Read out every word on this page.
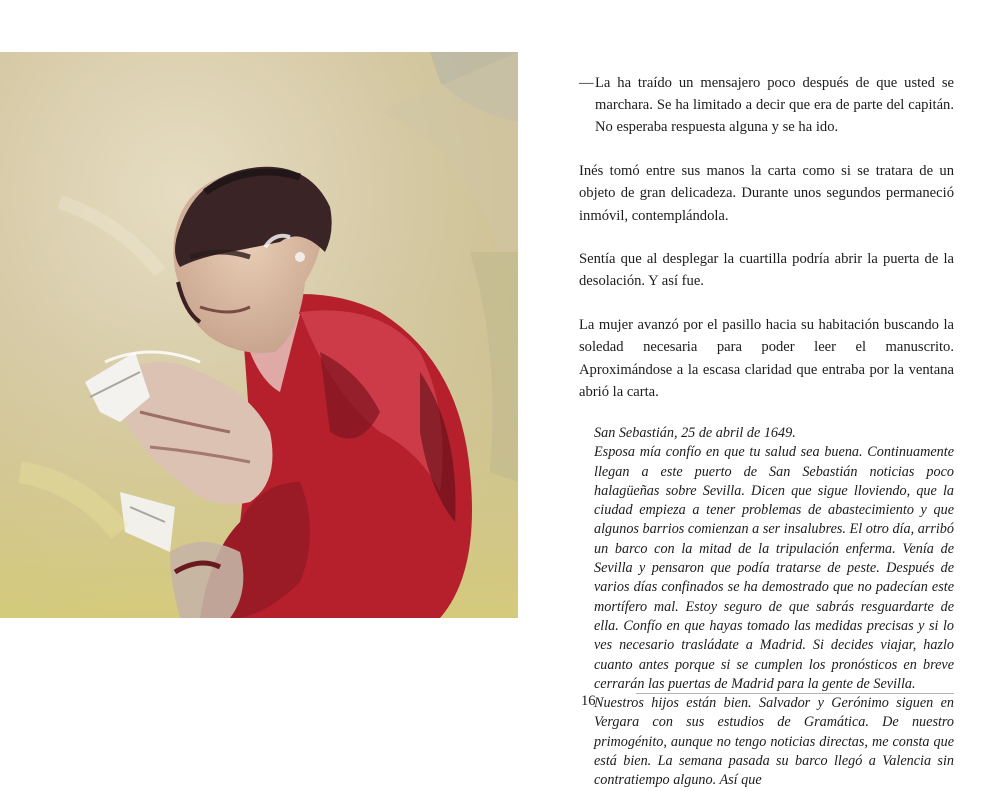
— La ha traído un mensajero poco después de que usted se marchara. Se ha limitado a decir que era de parte del capitán. No esperaba respuesta alguna y se ha ido.

Inés tomó entre sus manos la carta como si se tratara de un objeto de gran delicadeza. Durante unos segundos permaneció inmóvil, contemplándola.

Sentía que al desplegar la cuartilla podría abrir la puerta de la desolación. Y así fue.

La mujer avanzó por el pasillo hacia su habitación buscando la soledad necesaria para poder leer el manuscrito. Aproximándose a la escasa claridad que entraba por la ventana abrió la carta.

San Sebastián, 25 de abril de 1649.

Esposa mía confío en que tu salud sea buena. Continuamente llegan a este puerto de San Sebastián noticias poco halagüeñas sobre Sevilla. Dicen que sigue lloviendo, que la ciudad empieza a tener problemas de abastecimiento y que algunos barrios comienzan a ser insalubres. El otro día, arribó un barco con la mitad de la tripulación enferma. Venía de Sevilla y pensaron que podía tratarse de peste. Después de varios días confinados se ha demostrado que no padecían este mortífero mal. Estoy seguro de que sabrás resguardarte de ella. Confío en que hayas tomado las medidas precisas y si lo ves necesario trasládate a Madrid. Si decides viajar, hazlo cuanto antes porque si se cumplen los pronósticos en breve cerrarán las puertas de Madrid para la gente de Sevilla.

Nuestros hijos están bien. Salvador y Gerónimo siguen en Vergara con sus estudios de Gramática. De nuestro primogénito, aunque no tengo noticias directas, me consta que está bien. La semana pasada su barco llegó a Valencia sin contratiempo alguno. Así que

16
